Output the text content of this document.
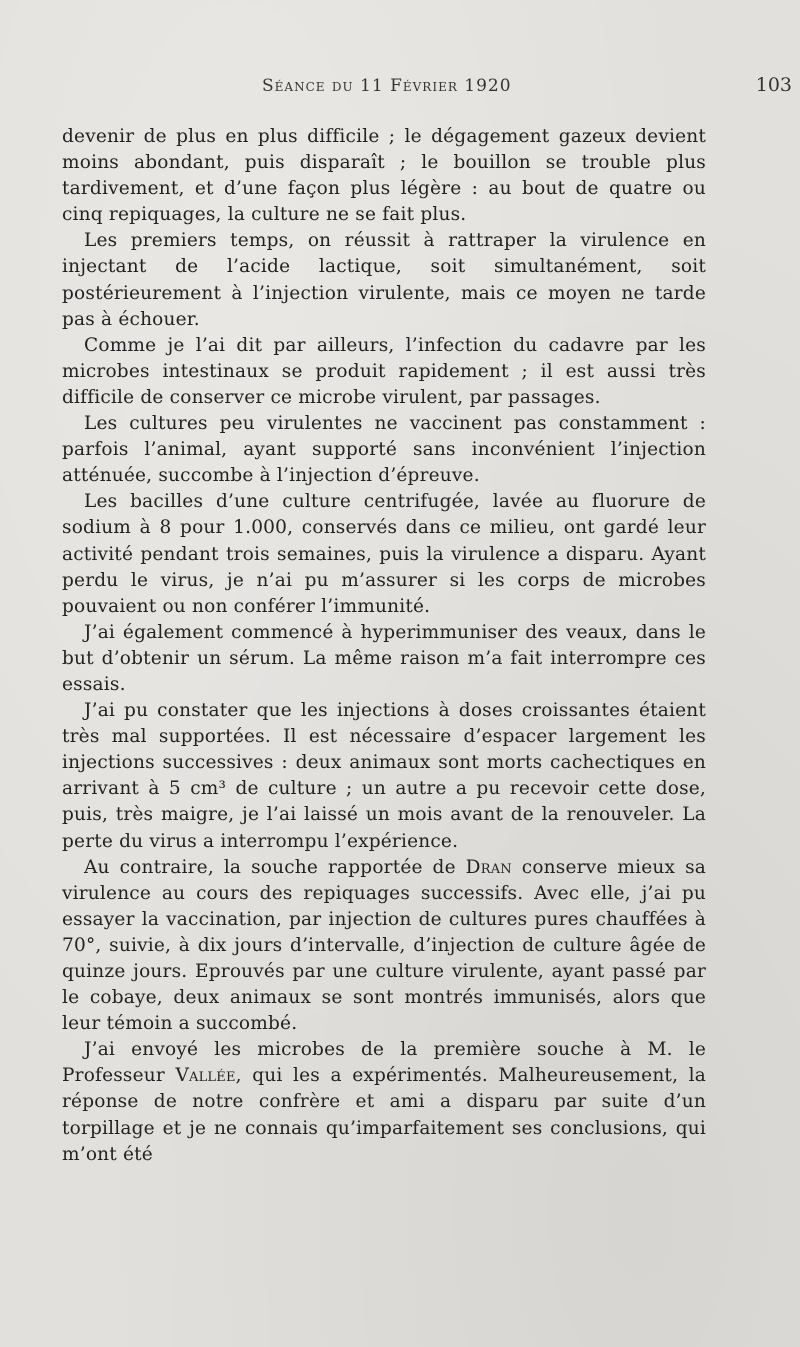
Séance du 11 Février 1920	103

devenir de plus en plus difficile ; le dégagement gazeux devient moins abondant, puis disparaît ; le bouillon se trouble plus tardivement, et d’une façon plus légère : au bout de quatre ou cinq repiquages, la culture ne se fait plus.

Les premiers temps, on réussit à rattraper la virulence en injectant de l’acide lactique, soit simultanément, soit postérieurement à l’injection virulente, mais ce moyen ne tarde pas à échouer.

Comme je l’ai dit par ailleurs, l’infection du cadavre par les microbes intestinaux se produit rapidement ; il est aussi très difficile de conserver ce microbe virulent, par passages.

Les cultures peu virulentes ne vaccinent pas constamment : parfois l’animal, ayant supporté sans inconvénient l’injection atténuée, succombe à l’injection d’épreuve.

Les bacilles d’une culture centrifugée, lavée au fluorure de sodium à 8 pour 1.000, conservés dans ce milieu, ont gardé leur activité pendant trois semaines, puis la virulence a disparu. Ayant perdu le virus, je n’ai pu m’assurer si les corps de microbes pouvaient ou non conférer l’immunité.

J’ai également commencé à hyperimmuniser des veaux, dans le but d’obtenir un sérum. La même raison m’a fait interrompre ces essais.

J’ai pu constater que les injections à doses croissantes étaient très mal supportées. Il est nécessaire d’espacer largement les injections successives : deux animaux sont morts cachectiques en arrivant à 5 cm³ de culture ; un autre a pu recevoir cette dose, puis, très maigre, je l’ai laissé un mois avant de la renouveler. La perte du virus a interrompu l’expérience.

Au contraire, la souche rapportée de Dran conserve mieux sa virulence au cours des repiquages successifs. Avec elle, j’ai pu essayer la vaccination, par injection de cultures pures chauffées à 70°, suivie, à dix jours d’intervalle, d’injection de culture âgée de quinze jours. Eprouvés par une culture virulente, ayant passé par le cobaye, deux animaux se sont montrés immunisés, alors que leur témoin a succombé.

J’ai envoyé les microbes de la première souche à M. le Professeur Vallée, qui les a expérimentés. Malheureusement, la réponse de notre confrère et ami a disparu par suite d’un torpillage et je ne connais qu’imparfaitement ses conclusions, qui m’ont été
